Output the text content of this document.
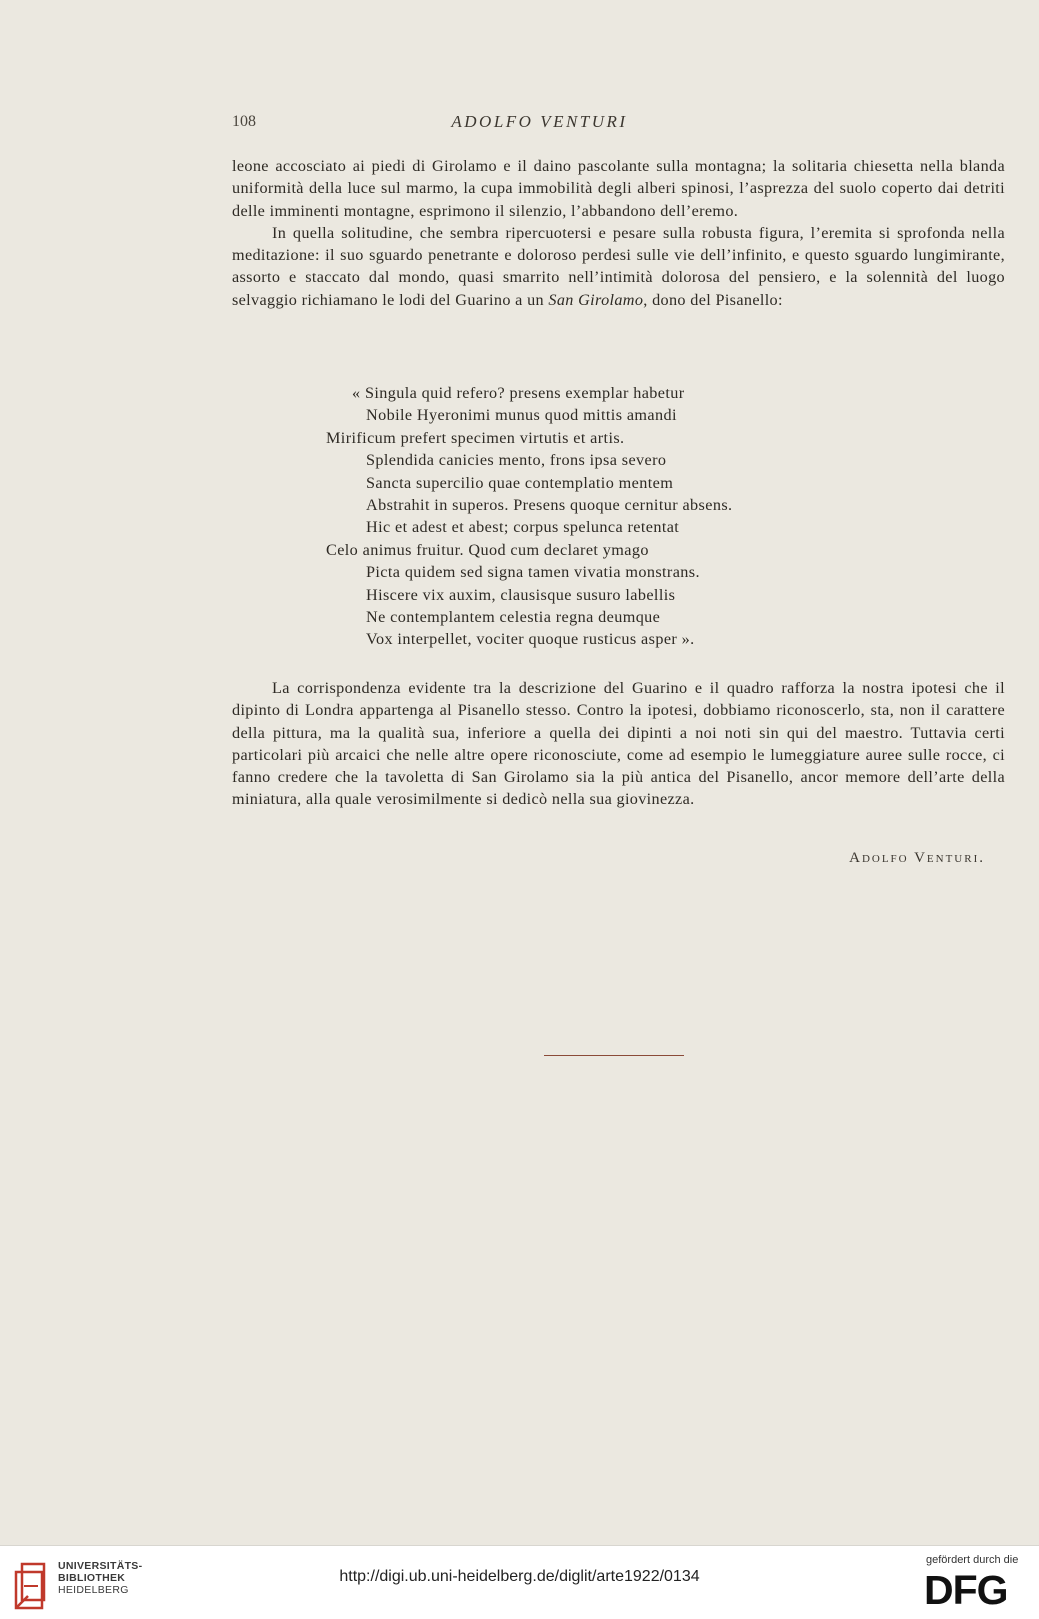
108	ADOLFO VENTURI

leone accosciato ai piedi di Girolamo e il daino pascolante sulla montagna; la solitaria chiesetta nella blanda uniformità della luce sul marmo, la cupa immobilità degli alberi spinosi, l’asprezza del suolo coperto dai detriti delle imminenti montagne, esprimono il silenzio, l’abbandono dell’eremo.

In quella solitudine, che sembra ripercuotersi e pesare sulla robusta figura, l’eremita si sprofonda nella meditazione: il suo sguardo penetrante e doloroso perdesi sulle vie dell’infinito, e questo sguardo lungimirante, assorto e staccato dal mondo, quasi smarrito nell’intimità dolorosa del pensiero, e la solennità del luogo selvaggio richiamano le lodi del Guarino a un San Girolamo, dono del Pisanello:

« Singula quid refero? presens exemplar habetur
Nobile Hyeronimi munus quod mittis amandi
Mirificum prefert specimen virtutis et artis.
Splendida canicies mento, frons ipsa severo
Sancta supercilio quae contemplatio mentem
Abstrahit in superos. Presens quoque cernitur absens.
Hic et adest et abest; corpus spelunca retentat
Celo animus fruitur. Quod cum declaret ymago
Picta quidem sed signa tamen vivatia monstrans.
Hiscere vix auxim, clausisque susuro labellis
Ne contemplantem celestia regna deumque
Vox interpellet, vociter quoque rusticus asper ».

La corrispondenza evidente tra la descrizione del Guarino e il quadro rafforza la nostra ipotesi che il dipinto di Londra appartenga al Pisanello stesso. Contro la ipotesi, dobbiamo riconoscerlo, sta, non il carattere della pittura, ma la qualità sua, inferiore a quella dei dipinti a noi noti sin qui del maestro. Tuttavia certi particolari più arcaici che nelle altre opere riconosciute, come ad esempio le lumeggiature auree sulle rocce, ci fanno credere che la tavoletta di San Girolamo sia la più antica del Pisanello, ancor memore dell’arte della miniatura, alla quale verosimilmente si dedicò nella sua giovinezza.

Adolfo Venturi.
UNIVERSITÄTS-
BIBLIOTHEK
HEIDELBERG
http://digi.ub.uni-heidelberg.de/diglit/arte1922/0134
gefördert durch die
DFG
